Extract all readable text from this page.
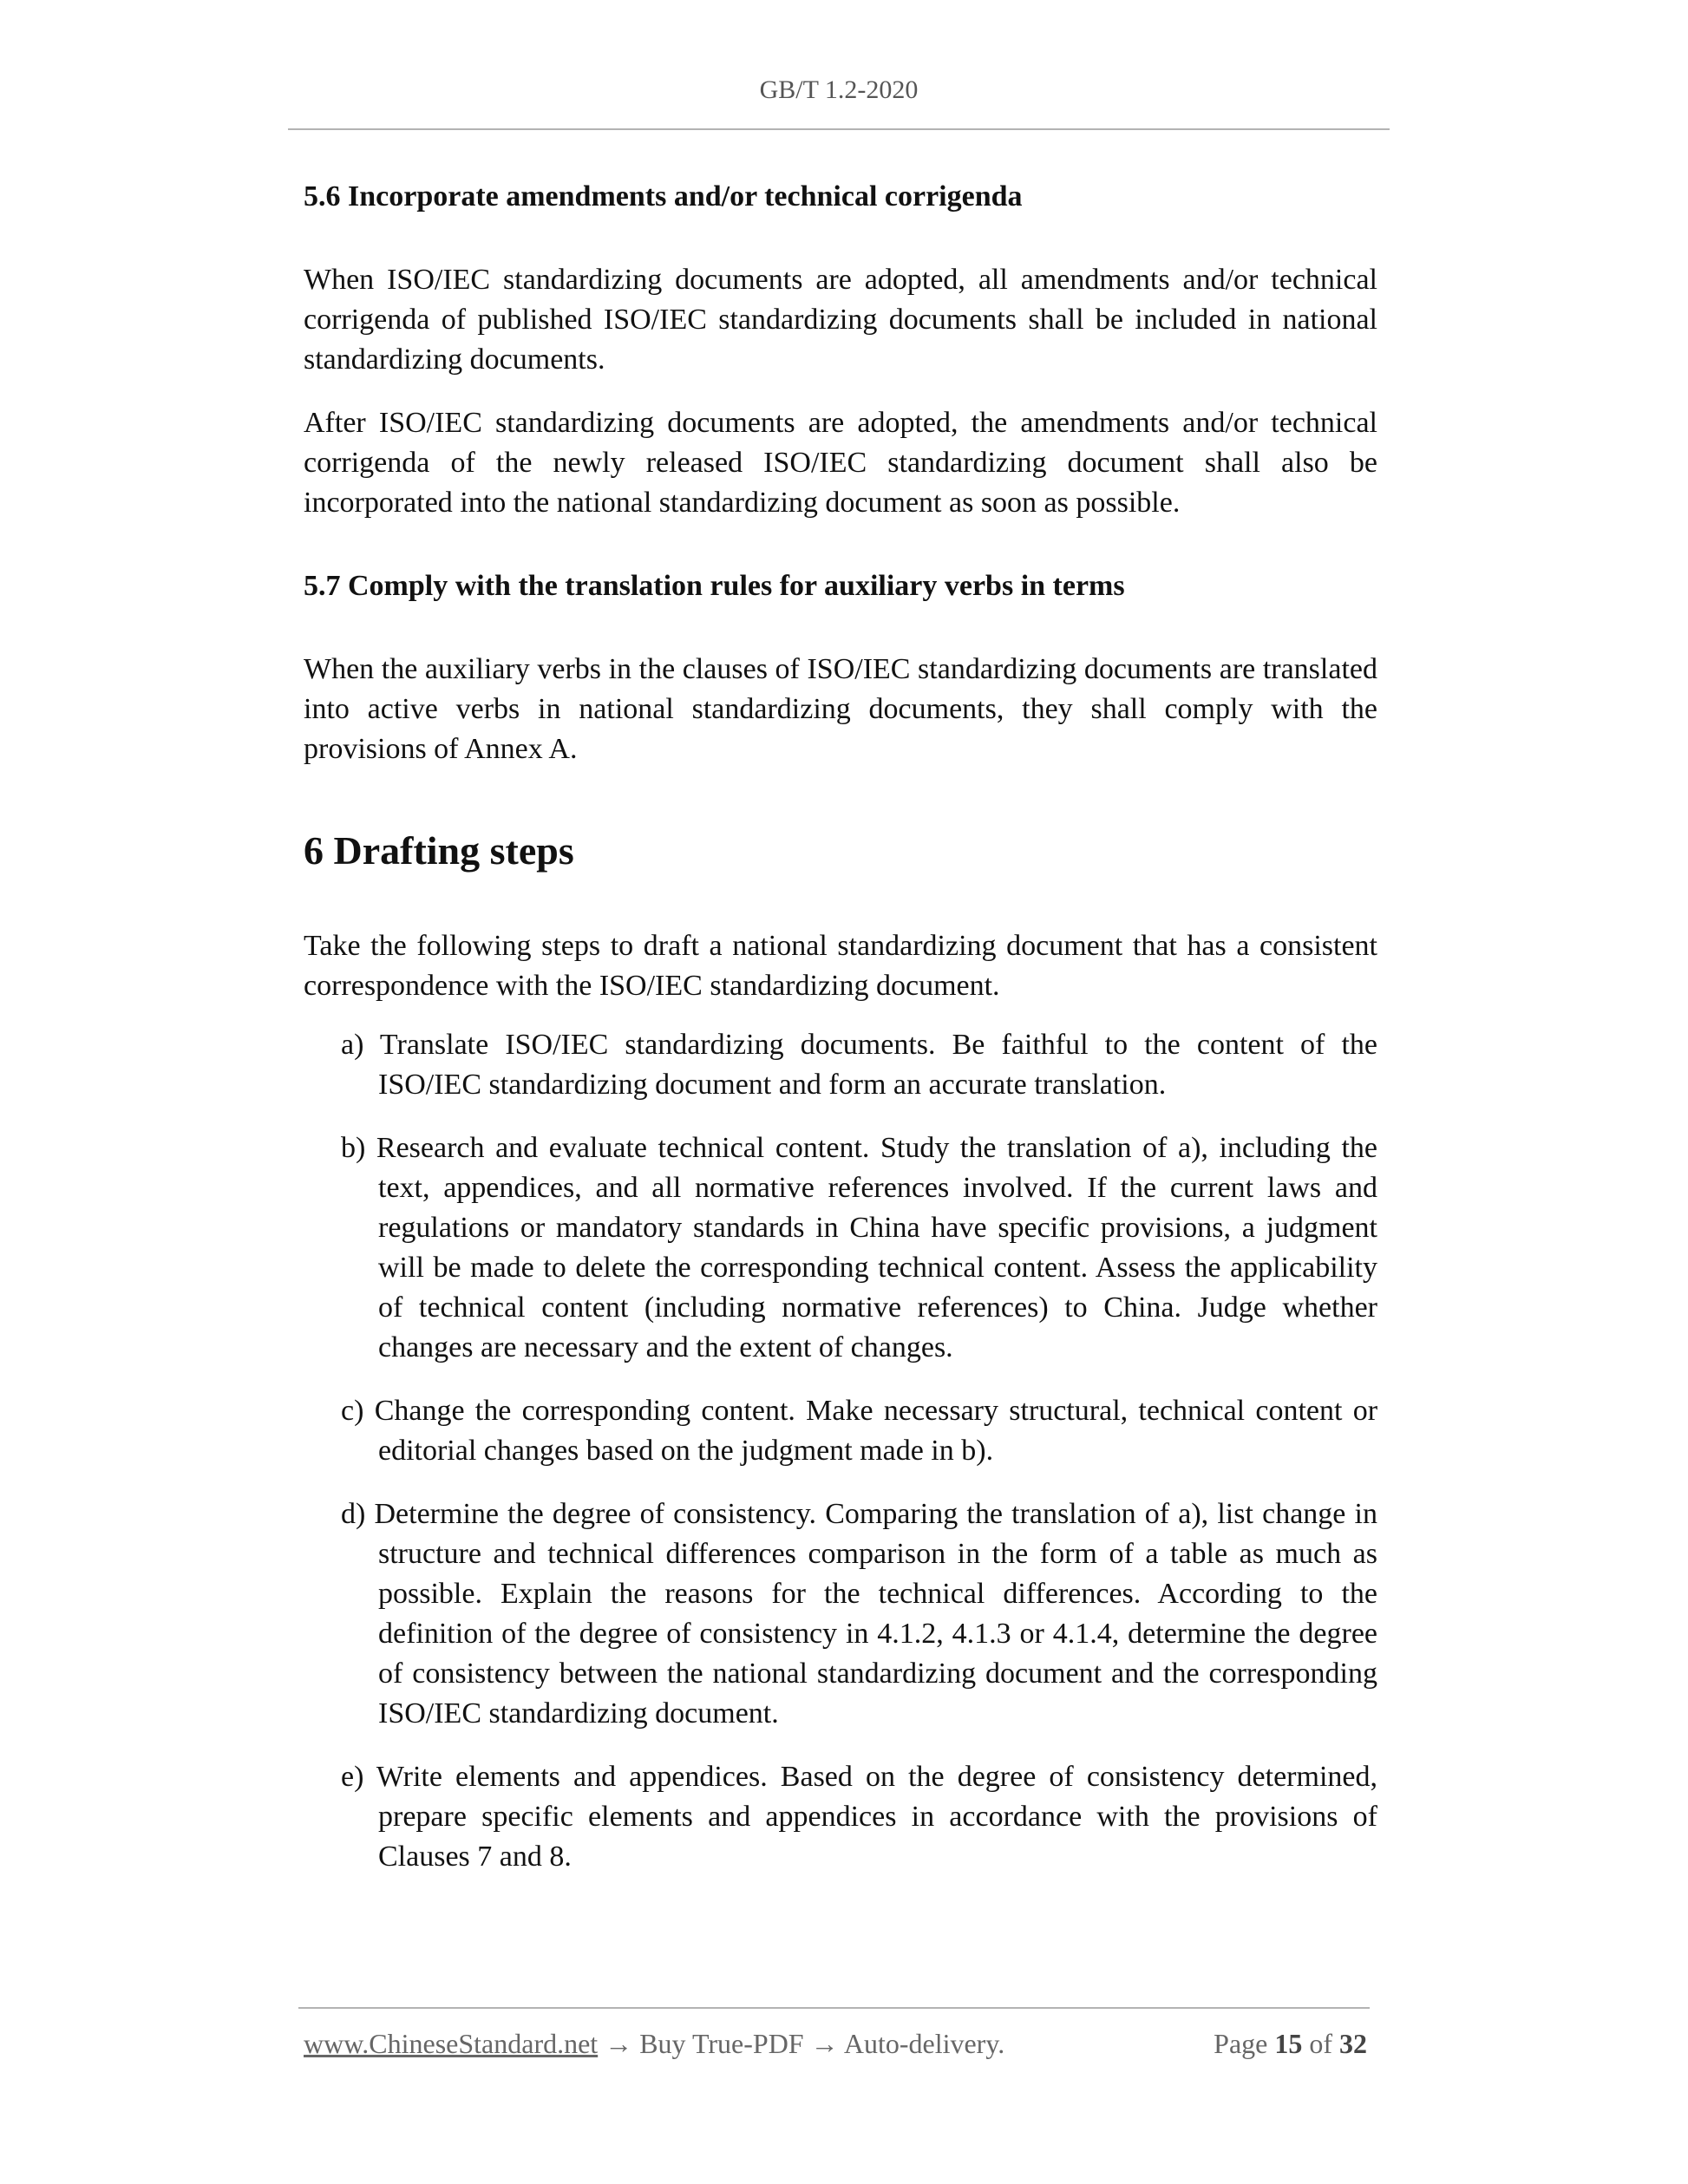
GB/T 1.2-2020
5.6 Incorporate amendments and/or technical corrigenda

When ISO/IEC standardizing documents are adopted, all amendments and/or technical corrigenda of published ISO/IEC standardizing documents shall be included in national standardizing documents.

After ISO/IEC standardizing documents are adopted, the amendments and/or technical corrigenda of the newly released ISO/IEC standardizing document shall also be incorporated into the national standardizing document as soon as possible.

5.7 Comply with the translation rules for auxiliary verbs in terms

When the auxiliary verbs in the clauses of ISO/IEC standardizing documents are translated into active verbs in national standardizing documents, they shall comply with the provisions of Annex A.

6 Drafting steps

Take the following steps to draft a national standardizing document that has a consistent correspondence with the ISO/IEC standardizing document.

a) Translate ISO/IEC standardizing documents. Be faithful to the content of the ISO/IEC standardizing document and form an accurate translation.
b) Research and evaluate technical content. Study the translation of a), including the text, appendices, and all normative references involved. If the current laws and regulations or mandatory standards in China have specific provisions, a judgment will be made to delete the corresponding technical content. Assess the applicability of technical content (including normative references) to China. Judge whether changes are necessary and the extent of changes.
c) Change the corresponding content. Make necessary structural, technical content or editorial changes based on the judgment made in b).
d) Determine the degree of consistency. Comparing the translation of a), list change in structure and technical differences comparison in the form of a table as much as possible. Explain the reasons for the technical differences. According to the definition of the degree of consistency in 4.1.2, 4.1.3 or 4.1.4, determine the degree of consistency between the national standardizing document and the corresponding ISO/IEC standardizing document.
e) Write elements and appendices. Based on the degree of consistency determined, prepare specific elements and appendices in accordance with the provisions of Clauses 7 and 8.
www.ChineseStandard.net → Buy True-PDF → Auto-delivery.	Page 15 of 32
